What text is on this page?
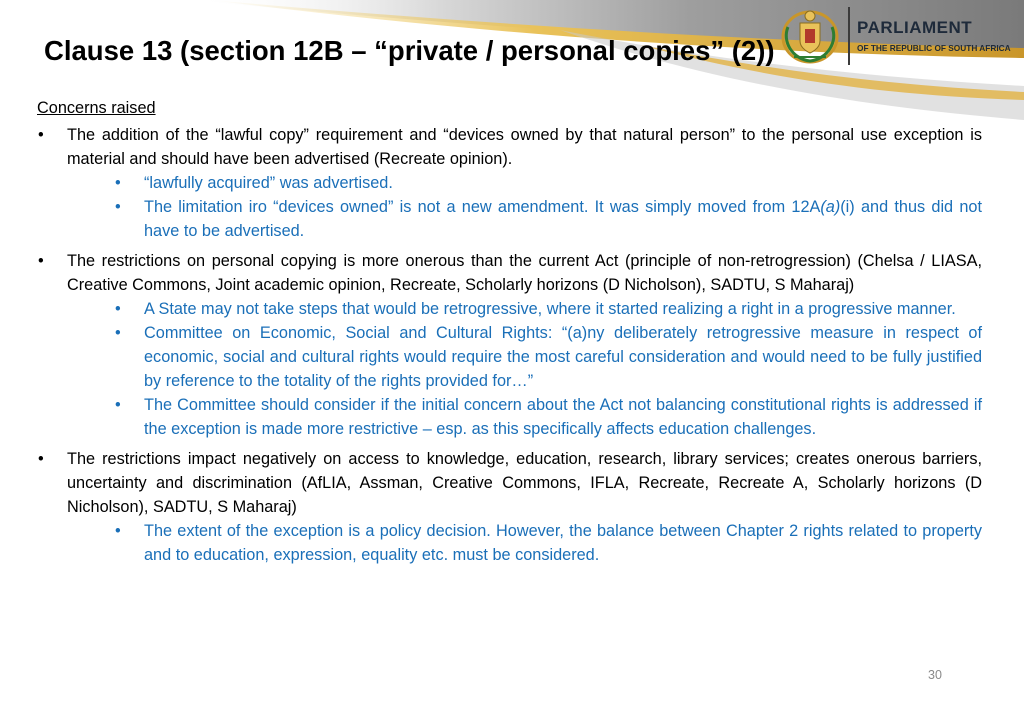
PARLIAMENT
OF THE REPUBLIC OF SOUTH AFRICA
Clause 13 (section 12B – “private / personal copies” (2))
Concerns raised
• The addition of the “lawful copy” requirement and “devices owned by that natural person” to the personal use exception is material and should have been advertised (Recreate opinion).
• “lawfully acquired” was advertised.
• The limitation iro “devices owned” is not a new amendment. It was simply moved from 12A(a)(i) and thus did not have to be advertised.
• The restrictions on personal copying is more onerous than the current Act (principle of non-retrogression) (Chelsa / LIASA, Creative Commons, Joint academic opinion, Recreate, Scholarly horizons (D Nicholson), SADTU, S Maharaj)
• A State may not take steps that would be retrogressive, where it started realizing a right in a progressive manner.
• Committee on Economic, Social and Cultural Rights: “(a)ny deliberately retrogressive measure in respect of economic, social and cultural rights would require the most careful consideration and would need to be fully justified by reference to the totality of the rights provided for…”
• The Committee should consider if the initial concern about the Act not balancing constitutional rights is addressed if the exception is made more restrictive – esp. as this specifically affects education challenges.
• The restrictions impact negatively on access to knowledge, education, research, library services; creates onerous barriers, uncertainty and discrimination (AfLIA, Assman, Creative Commons, IFLA, Recreate, Recreate A, Scholarly horizons (D Nicholson), SADTU, S Maharaj)
• The extent of the exception is a policy decision. However, the balance between Chapter 2 rights related to property and to education, expression, equality etc. must be considered.
30
